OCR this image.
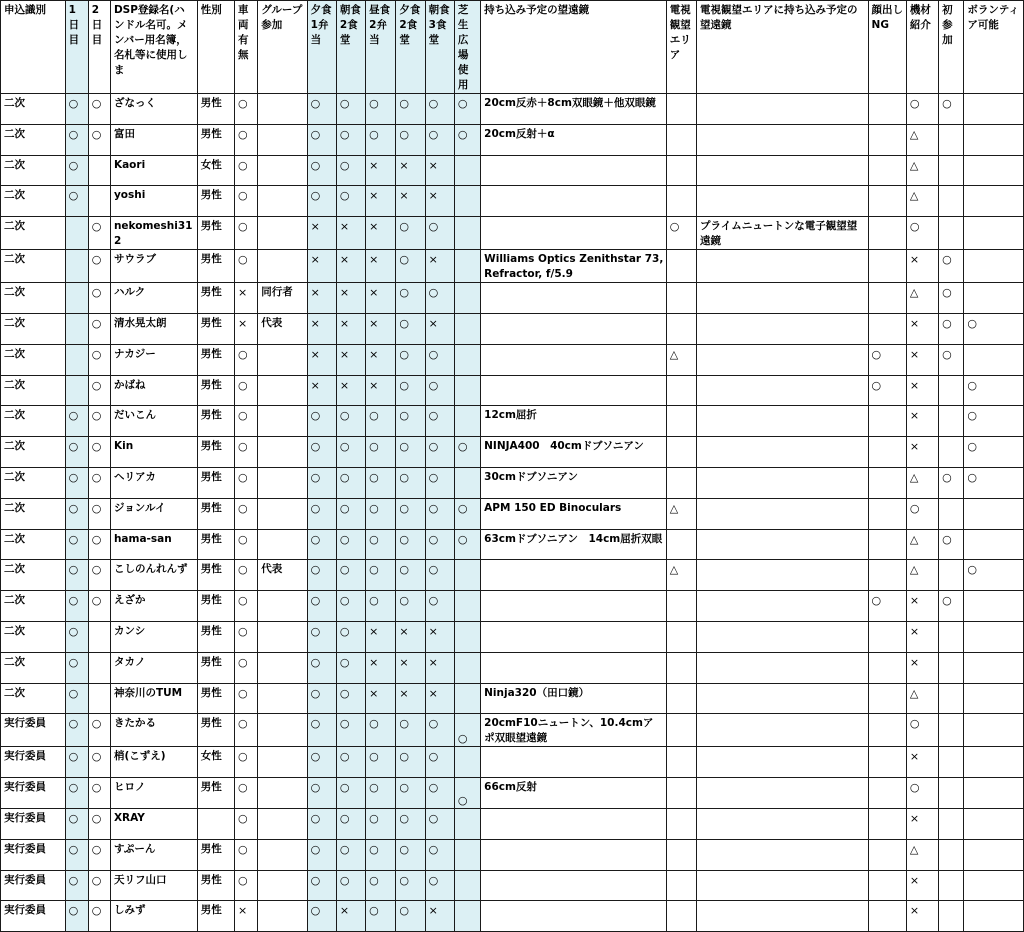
申込識別	1日目	2日目	DSP登録名(ハンドル名可。メンバー用名簿，名札等に使用しま	性別	車両有無	グループ参加	夕食1弁当	朝食2食堂	昼食2弁当	夕食2食堂	朝食3食堂	芝生広場使用	持ち込み予定の望遠鏡	電視観望エリア	電視観望エリアに持ち込み予定の望遠鏡	顔出しNG	機材紹介	初参加	ボランティア可能
二次	○	○	ざなっく	男性	○		○	○	○	○	○	○	20cm反赤＋8cm双眼鏡＋他双眼鏡				○	○	
二次	○	○	富田	男性	○		○	○	○	○	○	○	20cm反射＋α				△		
二次	○		Kaori	女性	○		○	○	×	×	×						△		
二次	○		yoshi	男性	○		○	○	×	×	×						△		
二次		○	nekomeshi312	男性	○		×	×	×	○	○			○	プライムニュートンな電子観望望遠鏡		○		
二次		○	サウラブ	男性	○		×	×	×	○	×		Williams Optics Zenithstar 73, Refractor, f/5.9				×	○	
二次		○	ハルク	男性	×	同行者	×	×	×	○	○						△	○	
二次		○	清水晃太朗	男性	×	代表	×	×	×	○	×						×	○	○
二次		○	ナカジー	男性	○		×	×	×	○	○			△		○	×	○	
二次		○	かばね	男性	○		×	×	×	○	○					○	×		○
二次	○	○	だいこん	男性	○		○	○	○	○	○		12cm屈折				×		○
二次	○	○	Kin	男性	○		○	○	○	○	○	○	NINJA400　40cmドブソニアン				×		○
二次	○	○	ヘリアカ	男性	○		○	○	○	○	○		30cmドブソニアン				△	○	○
二次	○	○	ジョンルイ	男性	○		○	○	○	○	○	○	APM 150 ED Binoculars	△			○		
二次	○	○	hama-san	男性	○		○	○	○	○	○	○	63cmドブソニアン　14cm屈折双眼				△	○	
二次	○	○	こしのんれんず	男性	○	代表	○	○	○	○	○			△			△		○
二次	○	○	えざか	男性	○		○	○	○	○	○					○	×	○	
二次	○		カンシ	男性	○		○	○	×	×	×						×		
二次	○		タカノ	男性	○		○	○	×	×	×						×		
二次	○		神奈川のTUM	男性	○		○	○	×	×	×		Ninja320（田口鏡）				△		
実行委員	○	○	きたかる	男性	○		○	○	○	○	○	○	20cmF10ニュートン、10.4cmアポ双眼望遠鏡				○		
実行委員	○	○	梢(こずえ)	女性	○		○	○	○	○	○						×		
実行委員	○	○	ヒロノ	男性	○		○	○	○	○	○	○	66cm反射				○		
実行委員	○	○	XRAY		○		○	○	○	○	○						×		
実行委員	○	○	すぷーん	男性	○		○	○	○	○	○						△		
実行委員	○	○	天リフ山口	男性	○		○	○	○	○	○						×		
実行委員	○	○	しみず	男性	×		○	×	○	○	×						×		
